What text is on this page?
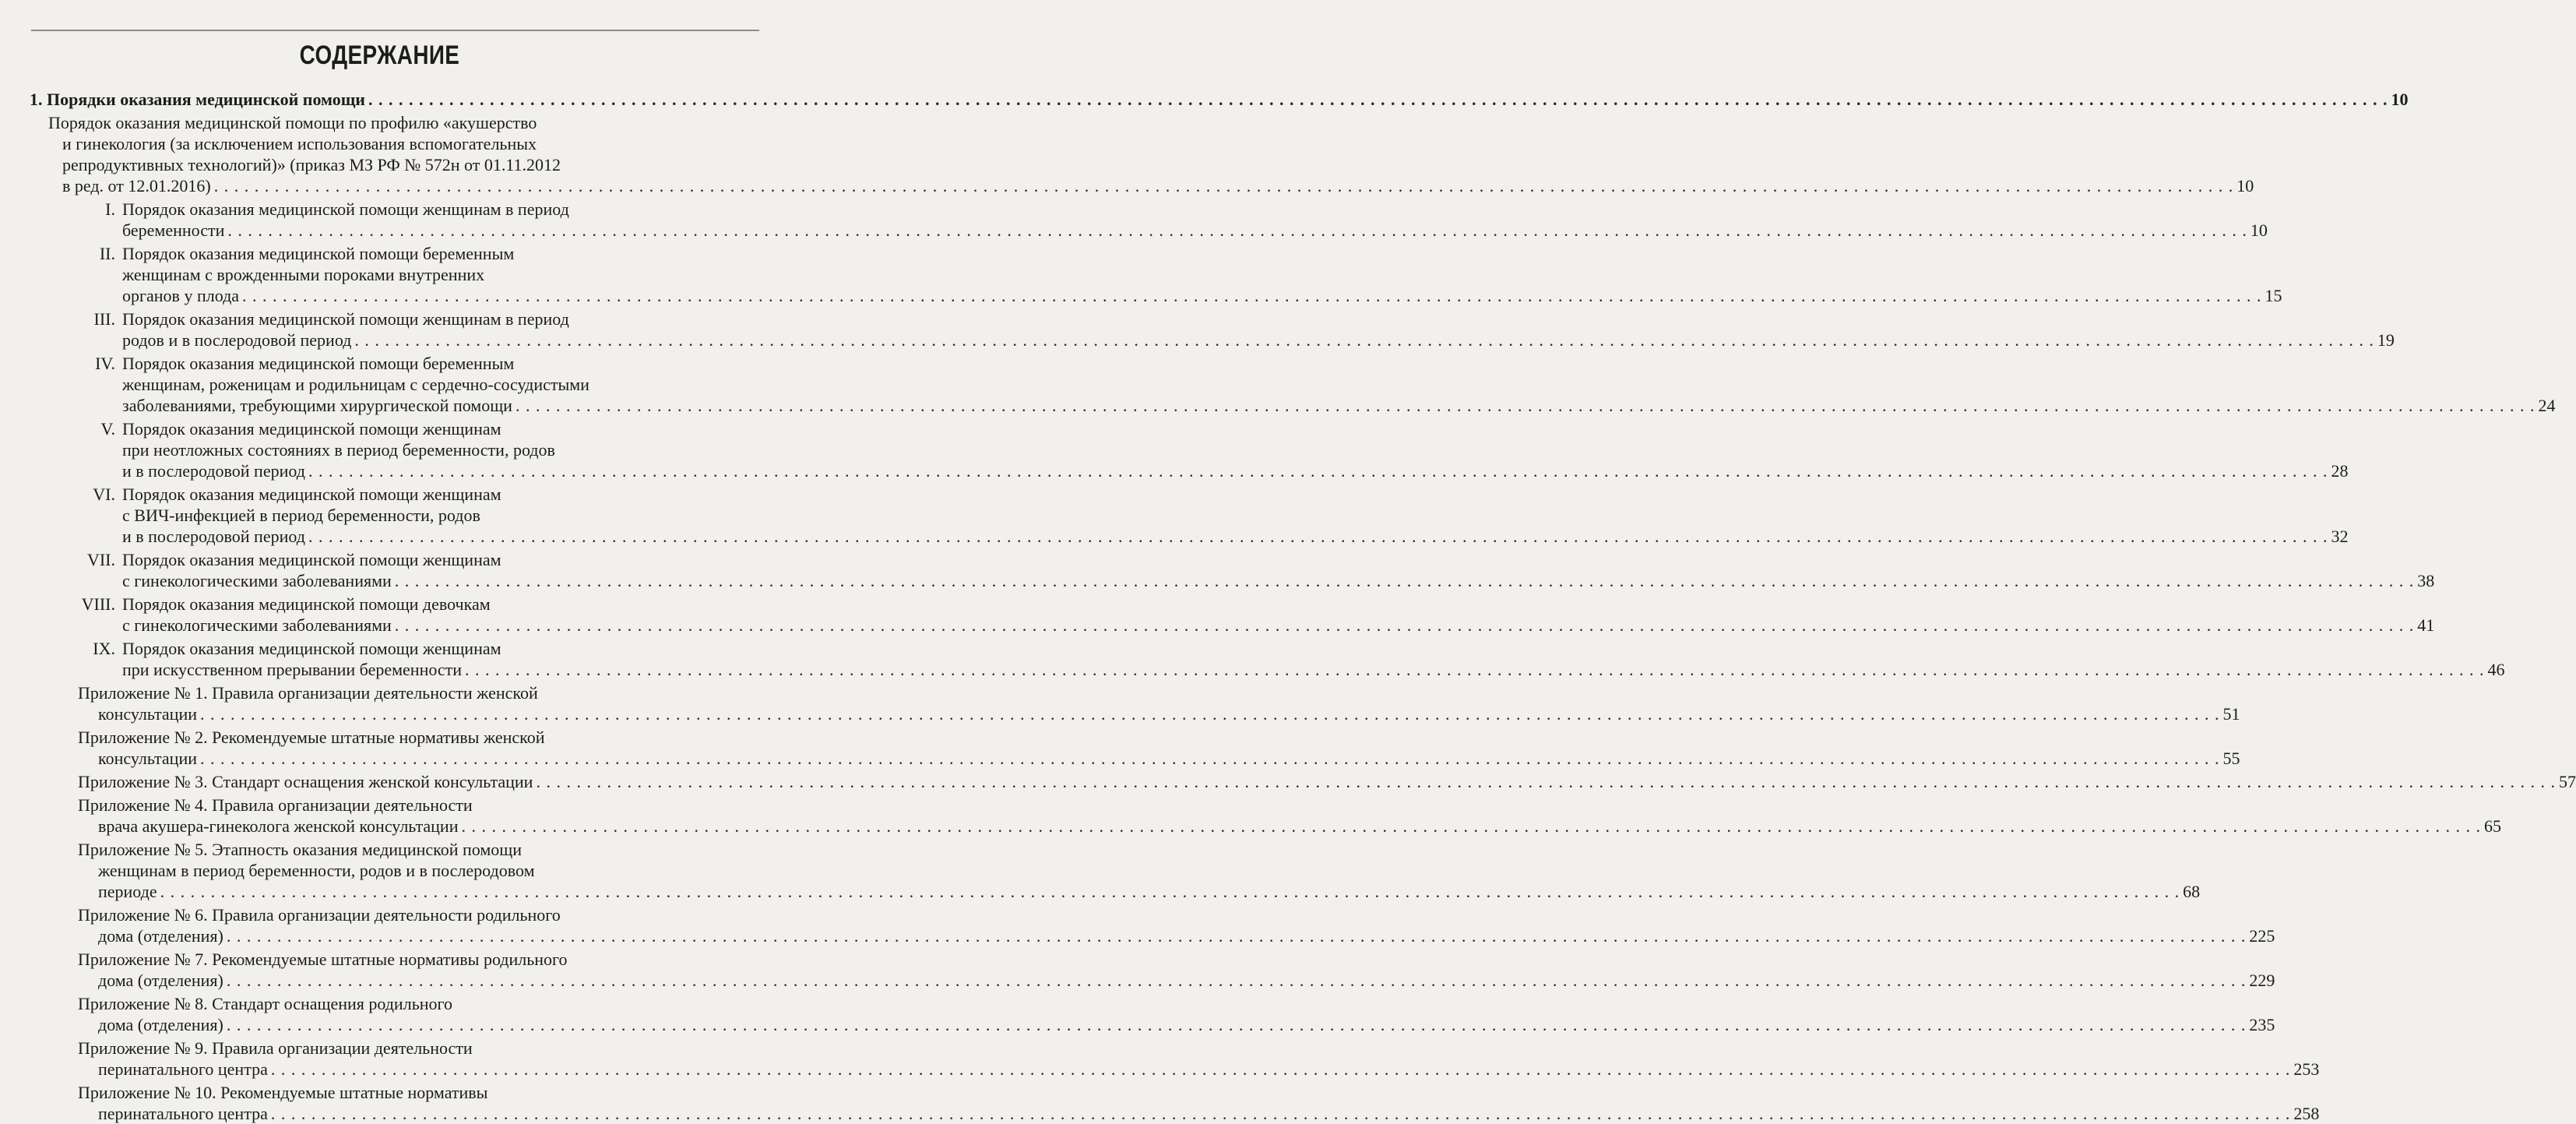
СОДЕРЖАНИЕ
1. Порядки оказания медицинской помощи . . . . . . . . . . . . . . . . . . . . . . . . . . . . . . . . . . . . . . . . . . . . . . . . . . . . . . . . . . . . . . . . . . . . . . . . . . . . . . . . . . . . . . . . . . . . . . . . . . . . . . . . . . . . . . . . . . . . . . . . . . . . . . . . . . . . . . . . . . . . . . . . . . . . . . . . . . . . . . . . . . . . . . . . . . . . . . . . . . . . . . . . . . . . . . . . . . . . . . . . 10
Порядок оказания медицинской помощи по профилю «акушерство
и гинекология (за исключением использования вспомогательных
репродуктивных технологий)» (приказ МЗ РФ № 572н от 01.11.2012
в ред. от 12.01.2016) . . . . . . . . . . . . . . . . . . . . . . . . . . . . . . . . . . . . . . . . . . . . . . . . . . . . . . . . . . . . . . . . . . . . . . . . . . . . . . . . . . . . . . . . . . . . . . . . . . . . . . . . . . . . . . . . . . . . . . . . . . . . . . . . . . . . . . . . . . . . . . . . . . . . . . . . . . . . . . . . . . . . . . . . . . . . . . . . . . . . . . . . . . . . . . . . . . . . . . . . 10
I. Порядок оказания медицинской помощи женщинам в период
беременности . . . . . . . . . . . . . . . . . . . . . . . . . . . . . . . . . . . . . . . . . . . . . . . . . . . . . . . . . . . . . . . . . . . . . . . . . . . . . . . . . . . . . . . . . . . . . . . . . . . . . . . . . . . . . . . . . . . . . . . . . . . . . . . . . . . . . . . . . . . . . . . . . . . . . . . . . . . . . . . . . . . . . . . . . . . . . . . . . . . . . . . . . . . . . . . . . . . . . . . . 10
II. Порядок оказания медицинской помощи беременным
женщинам с врожденными пороками внутренних
органов у плода . . . . . . . . . . . . . . . . . . . . . . . . . . . . . . . . . . . . . . . . . . . . . . . . . . . . . . . . . . . . . . . . . . . . . . . . . . . . . . . . . . . . . . . . . . . . . . . . . . . . . . . . . . . . . . . . . . . . . . . . . . . . . . . . . . . . . . . . . . . . . . . . . . . . . . . . . . . . . . . . . . . . . . . . . . . . . . . . . . . . . . . . . . . . . . . . . . . . . . . . 15
III. Порядок оказания медицинской помощи женщинам в период
родов и в послеродовой период . . . . . . . . . . . . . . . . . . . . . . . . . . . . . . . . . . . . . . . . . . . . . . . . . . . . . . . . . . . . . . . . . . . . . . . . . . . . . . . . . . . . . . . . . . . . . . . . . . . . . . . . . . . . . . . . . . . . . . . . . . . . . . . . . . . . . . . . . . . . . . . . . . . . . . . . . . . . . . . . . . . . . . . . . . . . . . . . . . . . . . . . . . . . . . . . . . . . . . . . 19
IV. Порядок оказания медицинской помощи беременным
женщинам, роженицам и родильницам с сердечно-сосудистыми
заболеваниями, требующими хирургической помощи . . . . . . . . . . . . . . . . . . . . . . . . . . . . . . . . . . . . . . . . . . . . . . . . . . . . . . . . . . . . . . . . . . . . . . . . . . . . . . . . . . . . . . . . . . . . . . . . . . . . . . . . . . . . . . . . . . . . . . . . . . . . . . . . . . . . . . . . . . . . . . . . . . . . . . . . . . . . . . . . . . . . . . . . . . . . . . . . . . . . . . . . . . . . . . . . . . . . . . . . 24
V. Порядок оказания медицинской помощи женщинам
при неотложных состояниях в период беременности, родов
и в послеродовой период . . . . . . . . . . . . . . . . . . . . . . . . . . . . . . . . . . . . . . . . . . . . . . . . . . . . . . . . . . . . . . . . . . . . . . . . . . . . . . . . . . . . . . . . . . . . . . . . . . . . . . . . . . . . . . . . . . . . . . . . . . . . . . . . . . . . . . . . . . . . . . . . . . . . . . . . . . . . . . . . . . . . . . . . . . . . . . . . . . . . . . . . . . . . . . . . . . . . . . . . 28
VI. Порядок оказания медицинской помощи женщинам
с ВИЧ-инфекцией в период беременности, родов
и в послеродовой период . . . . . . . . . . . . . . . . . . . . . . . . . . . . . . . . . . . . . . . . . . . . . . . . . . . . . . . . . . . . . . . . . . . . . . . . . . . . . . . . . . . . . . . . . . . . . . . . . . . . . . . . . . . . . . . . . . . . . . . . . . . . . . . . . . . . . . . . . . . . . . . . . . . . . . . . . . . . . . . . . . . . . . . . . . . . . . . . . . . . . . . . . . . . . . . . . . . . . . . . 32
VII. Порядок оказания медицинской помощи женщинам
с гинекологическими заболеваниями . . . . . . . . . . . . . . . . . . . . . . . . . . . . . . . . . . . . . . . . . . . . . . . . . . . . . . . . . . . . . . . . . . . . . . . . . . . . . . . . . . . . . . . . . . . . . . . . . . . . . . . . . . . . . . . . . . . . . . . . . . . . . . . . . . . . . . . . . . . . . . . . . . . . . . . . . . . . . . . . . . . . . . . . . . . . . . . . . . . . . . . . . . . . . . . . . . . . . . . . 38
VIII. Порядок оказания медицинской помощи девочкам
с гинекологическими заболеваниями . . . . . . . . . . . . . . . . . . . . . . . . . . . . . . . . . . . . . . . . . . . . . . . . . . . . . . . . . . . . . . . . . . . . . . . . . . . . . . . . . . . . . . . . . . . . . . . . . . . . . . . . . . . . . . . . . . . . . . . . . . . . . . . . . . . . . . . . . . . . . . . . . . . . . . . . . . . . . . . . . . . . . . . . . . . . . . . . . . . . . . . . . . . . . . . . . . . . . . . . 41
IX. Порядок оказания медицинской помощи женщинам
при искусственном прерывании беременности . . . . . . . . . . . . . . . . . . . . . . . . . . . . . . . . . . . . . . . . . . . . . . . . . . . . . . . . . . . . . . . . . . . . . . . . . . . . . . . . . . . . . . . . . . . . . . . . . . . . . . . . . . . . . . . . . . . . . . . . . . . . . . . . . . . . . . . . . . . . . . . . . . . . . . . . . . . . . . . . . . . . . . . . . . . . . . . . . . . . . . . . . . . . . . . . . . . . . . . . 46
Приложение № 1. Правила организации деятельности женской
консультации . . . . . . . . . . . . . . . . . . . . . . . . . . . . . . . . . . . . . . . . . . . . . . . . . . . . . . . . . . . . . . . . . . . . . . . . . . . . . . . . . . . . . . . . . . . . . . . . . . . . . . . . . . . . . . . . . . . . . . . . . . . . . . . . . . . . . . . . . . . . . . . . . . . . . . . . . . . . . . . . . . . . . . . . . . . . . . . . . . . . . . . . . . . . . . . . . . . . . . . . 51
Приложение № 2. Рекомендуемые штатные нормативы женской
консультации . . . . . . . . . . . . . . . . . . . . . . . . . . . . . . . . . . . . . . . . . . . . . . . . . . . . . . . . . . . . . . . . . . . . . . . . . . . . . . . . . . . . . . . . . . . . . . . . . . . . . . . . . . . . . . . . . . . . . . . . . . . . . . . . . . . . . . . . . . . . . . . . . . . . . . . . . . . . . . . . . . . . . . . . . . . . . . . . . . . . . . . . . . . . . . . . . . . . . . . . 55
Приложение № 3. Стандарт оснащения женской консультации . . . . . . . . . . . . . . . . . . . . . . . . . . . . . . . . . . . . . . . . . . . . . . . . . . . . . . . . . . . . . . . . . . . . . . . . . . . . . . . . . . . . . . . . . . . . . . . . . . . . . . . . . . . . . . . . . . . . . . . . . . . . . . . . . . . . . . . . . . . . . . . . . . . . . . . . . . . . . . . . . . . . . . . . . . . . . . . . . . . . . . . . . . . . . . . . . . . . . . . . 57
Приложение № 4. Правила организации деятельности
врача акушера-гинеколога женской консультации . . . . . . . . . . . . . . . . . . . . . . . . . . . . . . . . . . . . . . . . . . . . . . . . . . . . . . . . . . . . . . . . . . . . . . . . . . . . . . . . . . . . . . . . . . . . . . . . . . . . . . . . . . . . . . . . . . . . . . . . . . . . . . . . . . . . . . . . . . . . . . . . . . . . . . . . . . . . . . . . . . . . . . . . . . . . . . . . . . . . . . . . . . . . . . . . . . . . . . . . 65
Приложение № 5. Этапность оказания медицинской помощи
женщинам в период беременности, родов и в послеродовом
периоде . . . . . . . . . . . . . . . . . . . . . . . . . . . . . . . . . . . . . . . . . . . . . . . . . . . . . . . . . . . . . . . . . . . . . . . . . . . . . . . . . . . . . . . . . . . . . . . . . . . . . . . . . . . . . . . . . . . . . . . . . . . . . . . . . . . . . . . . . . . . . . . . . . . . . . . . . . . . . . . . . . . . . . . . . . . . . . . . . . . . . . . . . . . . . . . . . . . . . . . . 68
Приложение № 6. Правила организации деятельности родильного
дома (отделения) . . . . . . . . . . . . . . . . . . . . . . . . . . . . . . . . . . . . . . . . . . . . . . . . . . . . . . . . . . . . . . . . . . . . . . . . . . . . . . . . . . . . . . . . . . . . . . . . . . . . . . . . . . . . . . . . . . . . . . . . . . . . . . . . . . . . . . . . . . . . . . . . . . . . . . . . . . . . . . . . . . . . . . . . . . . . . . . . . . . . . . . . . . . . . . . . . . . . . . . . 225
Приложение № 7. Рекомендуемые штатные нормативы родильного
дома (отделения) . . . . . . . . . . . . . . . . . . . . . . . . . . . . . . . . . . . . . . . . . . . . . . . . . . . . . . . . . . . . . . . . . . . . . . . . . . . . . . . . . . . . . . . . . . . . . . . . . . . . . . . . . . . . . . . . . . . . . . . . . . . . . . . . . . . . . . . . . . . . . . . . . . . . . . . . . . . . . . . . . . . . . . . . . . . . . . . . . . . . . . . . . . . . . . . . . . . . . . . . 229
Приложение № 8. Стандарт оснащения родильного
дома (отделения) . . . . . . . . . . . . . . . . . . . . . . . . . . . . . . . . . . . . . . . . . . . . . . . . . . . . . . . . . . . . . . . . . . . . . . . . . . . . . . . . . . . . . . . . . . . . . . . . . . . . . . . . . . . . . . . . . . . . . . . . . . . . . . . . . . . . . . . . . . . . . . . . . . . . . . . . . . . . . . . . . . . . . . . . . . . . . . . . . . . . . . . . . . . . . . . . . . . . . . . . 235
Приложение № 9. Правила организации деятельности
перинатального центра . . . . . . . . . . . . . . . . . . . . . . . . . . . . . . . . . . . . . . . . . . . . . . . . . . . . . . . . . . . . . . . . . . . . . . . . . . . . . . . . . . . . . . . . . . . . . . . . . . . . . . . . . . . . . . . . . . . . . . . . . . . . . . . . . . . . . . . . . . . . . . . . . . . . . . . . . . . . . . . . . . . . . . . . . . . . . . . . . . . . . . . . . . . . . . . . . . . . . . . . 253
Приложение № 10. Рекомендуемые штатные нормативы
перинатального центра . . . . . . . . . . . . . . . . . . . . . . . . . . . . . . . . . . . . . . . . . . . . . . . . . . . . . . . . . . . . . . . . . . . . . . . . . . . . . . . . . . . . . . . . . . . . . . . . . . . . . . . . . . . . . . . . . . . . . . . . . . . . . . . . . . . . . . . . . . . . . . . . . . . . . . . . . . . . . . . . . . . . . . . . . . . . . . . . . . . . . . . . . . . . . . . . . . . . . . . . 258
